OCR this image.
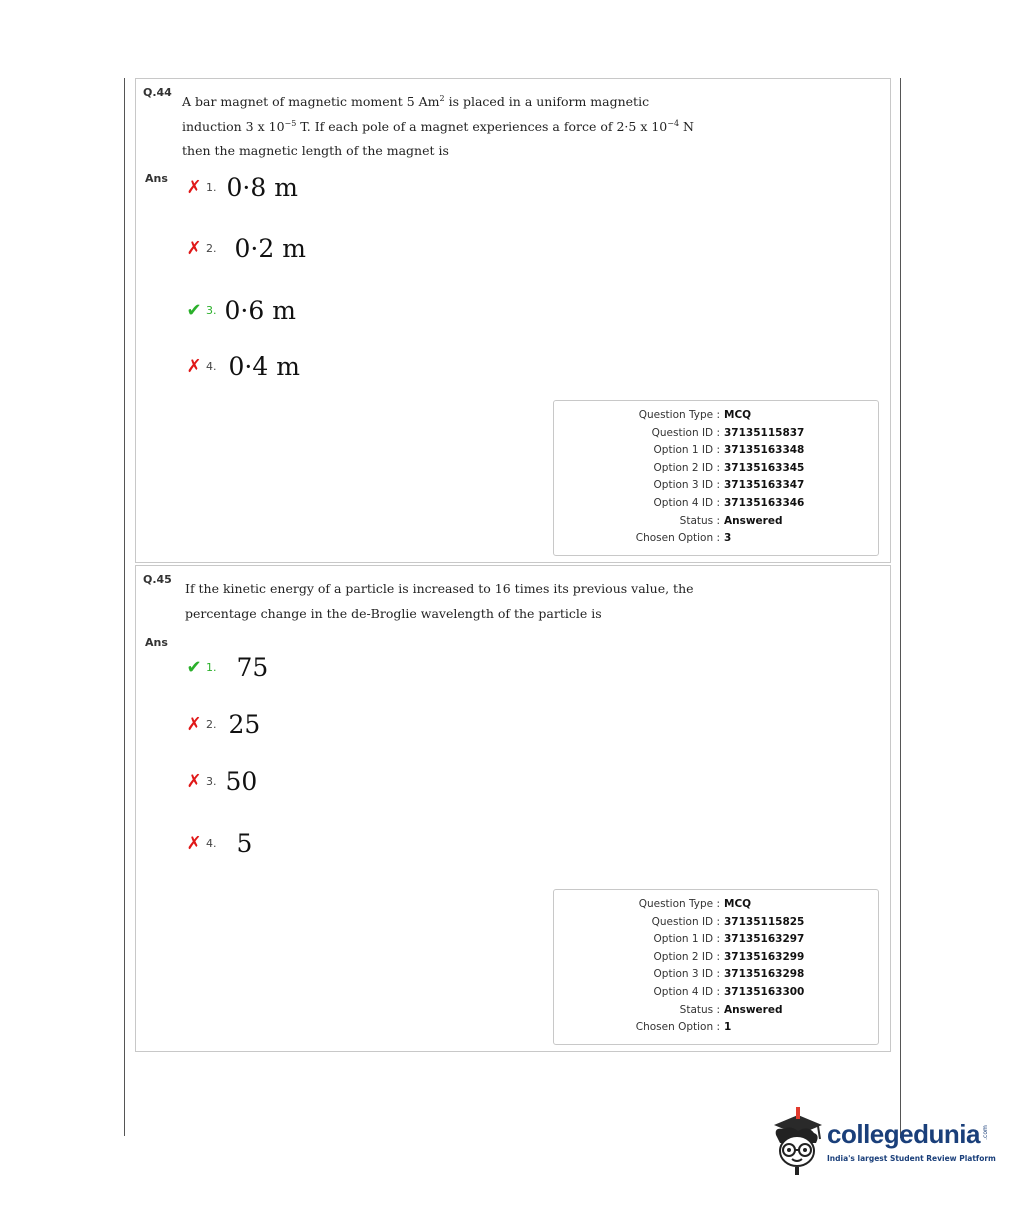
Q.44
A bar magnet of magnetic moment 5 Am$^2$ is placed in a uniform magnetic
induction 3 x $10^{-5}$ T. If each pole of a magnet experiences a force of 2·5 x $10^{-4}$ N
then the magnetic length of the magnet is
Ans ✗ 1. 0·8 m
✗ 2. 0·2 m
✔ 3. 0·6 m
✗ 4. 0·4 m
Question Type :	MCQ
Question ID :	37135115837
Option 1 ID :	37135163348
Option 2 ID :	37135163345
Option 3 ID :	37135163347
Option 4 ID :	37135163346
Status :	Answered
Chosen Option :	3
Q.45
If the kinetic energy of a particle is increased to 16 times its previous value, the
percentage change in the de-Broglie wavelength of the particle is
Ans
✔ 1. 75
✗ 2. 25
✗ 3. 50
✗ 4. 5
Question Type :	MCQ
Question ID :	37135115825
Option 1 ID :	37135163297
Option 2 ID :	37135163299
Option 3 ID :	37135163298
Option 4 ID :	37135163300
Status :	Answered
Chosen Option :	1
collegedunia .com
India's largest Student Review Platform
